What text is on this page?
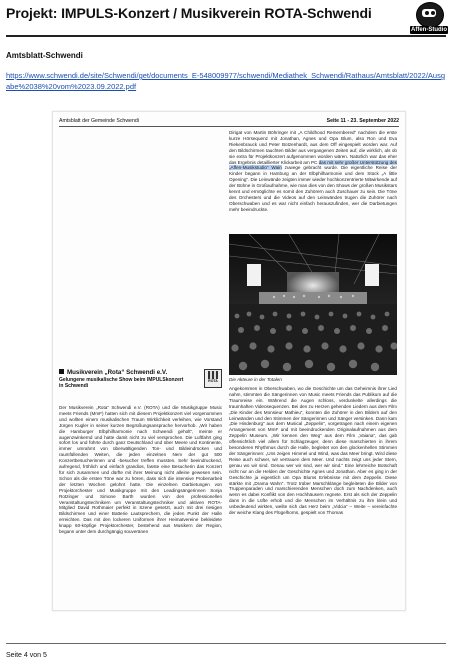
Projekt: IMPULS-Konzert / Musikverein ROTA-Schwendi
Affen-Studio
Amtsblatt-Schwendi
https://www.schwendi.de/site/Schwendi/get/documents_E-548009977/schwendi/Mediathek_Schwendi/Rathaus/Amtsblatt/2022/Ausgabe%2038%20vom%2023.09.2022.pdf
Amtsblatt der Gemeinde Schwendi	Seite 11 - 23. September 2022

Dirigat von Martin Böhringer mit „A Childhood Remembered“ nachdem die erste kurze Hörsequenz mit Jonathan, Agnes und Opa Blum, also Ron und Eva Riekenbrauck und Peter Botzenhardt, aus dem Off eingespielt worden war. Auf den Bildschirmen tauchten Bilder aus vergangenen Zeiten auf, die wirklich, als ob sie extra für Projektkonzert aufgenommen worden wären. Natürlich war das eher das Ergebnis detaillierter Klickarbeit am PC das mit sehr großer Unterstützung des „Affen-Musikstudio“ Wain zuwege gebracht wurde. Die eigentliche Reise der Kinder begann in Hamburg an der Elbphilharmonie und dem Stück „A little Opening“. Die Leinwände zeigten immer wieder hochkonzentrierte Mitwirkende auf der Bühne in Großaufnahme, wie man dies von den Shows der großen Musikstars kennt und ermöglichte es somit den Zuhörern auch Zuschauer zu sein. Die Töne des Orchesters und die Videos auf den Leinwänden trugen die Zuhörer nach Oberschwaben und es war nicht einfach herauszufinden, wer die Darbietungen mehr beeindruckte.

Die Akteure in der Totalen
Musikverein „Rota“ Schwendi e.V.
Gelungene musikalische Show beim IMPULSkonzert in Schwendi
ROTA

Der Musikverein „Rota“ Schwendi e.V. (ROTA) und die Musikgruppe Music meets Friends (MmF) hatten sich mit diesem Projektkonzert viel vorgenommen und wollten einem musikalischen Traum Wirklichkeit verleihen, wie Vorstand Jürgen Kugler in seiner kurzen Begrüßungsansprache hervorhob. „Wir haben die Hamburger Elbphilharmonie nach Schwendi geholt“, meinte er augenzwinkernd und hatte damit nicht zu viel versprochen. Die Luftfahrt ging sofort los und führte durch ganz Deutschland und über Meere und Kontinente, immer umrahmt von überwältigenden Ton- und Bildeindrücken und raumfüllenden Weiten, die jeden einzelnen Nerv der gut 500 Konzertbesucherinnen und -besucher treffen mussten. Sehr beeindruckend, aufregend, fröhlich und einfach grandios, fasste eine Besucherin das Konzert für sich zusammen und dürfte mit ihrer Meinung nicht alleine gewesen sein. Schon als die ersten Töne war zu hören, dass sich die intensive Probenarbeit der letzten Wochen gelohnt hatte. Die einzelnen Darbietungen von Projektorchester und Musikgruppe mit den Leadingsängerinnen Sonja Rotzinger und Simone Barth wurden von den professionellen Veranstaltungstechnikern um Veranstaltungstechniker und aktiven ROTA-Mitglied David Rothmaier perfekt in Szene gesetzt, auch mit drei riesigen Bildschirmen und einer Batterie Lautsprechern, die jeden Punkt der Halle erreichten. Das mit den lockeren Uniformen ihrer Heimatvereine bekleidete knapp 60-köpfige Projektorchester, bestehend aus Musikern der Region, begann unter dem durchgängig souveränen

Angekommen in Oberschwaben, wo die Geschichte um das Geheimnis ihrer Lied nahm, stimmten die Sängerinnen von Music meets Friends das Publikum auf die Traumreise ein. Während die Augen schloss, verdunkelte allerdings die traumhaften Videosequenzen. Bei den zu Herzen gehenden Liedern aus dem Film „Die Kinder des Monsieur Mathieu“, konnten die Zuhörer in den Bildern auf den Leinwänden und den Stimmen der Sängerinnen und Sänger versinken. Dann kam „Die Hindenburg“ aus dem Musical „Zeppelin“, vorgetragen nach einem eigenen Arrangement von MmF und mit beeindruckenden Originalaufnahmen aus dem Zeppelin Museum. „Wir kennen den Weg“ aus dem Film „Vaiana“, das gab offensichtlich viel allem für Schlagzeuger, denn diese marschierten in ihrem besonderen Rhythmus durch die Halle, begleitet von den glockenhellen Stimmen der Sängerinnen: „Uns zeigen Himmel und Wind, was das Meer bringt. Wird diese Reise auch schwer, wir vertrauen dem Meer. Und nachts zeigt uns jeder Stern, genau wo wir sind. Genau wer wir sind, wer wir sind.“ Eine lehrreiche Botschaft nicht nur an die Helden der Geschichte Agnes und Jonathan. Aber es ging in der Geschichte ja eigentlich um Opa Blums Erlebnisse mit dem Zeppelin. Diese stärkte mit „Drama Wahn“. Trotz trüber Marschklänge begleiteten die Bilder von Truppenparaden und marschierenden Menschen doch zum Nachdenken, auch wenn es dabei Konflikt von den Hochhäusern regnete. Erst als sich der Zeppelin dann in die Lüfte erhob und die Menschen im Verhältnis zu ihm klein und unbedeutend wirkten, weilte sich das Herz beim „Vidcia“ – Weite – vereinfachte der weiche Klang des Flügelhorns, gespielt von Thomas

Seite 4 von 5
